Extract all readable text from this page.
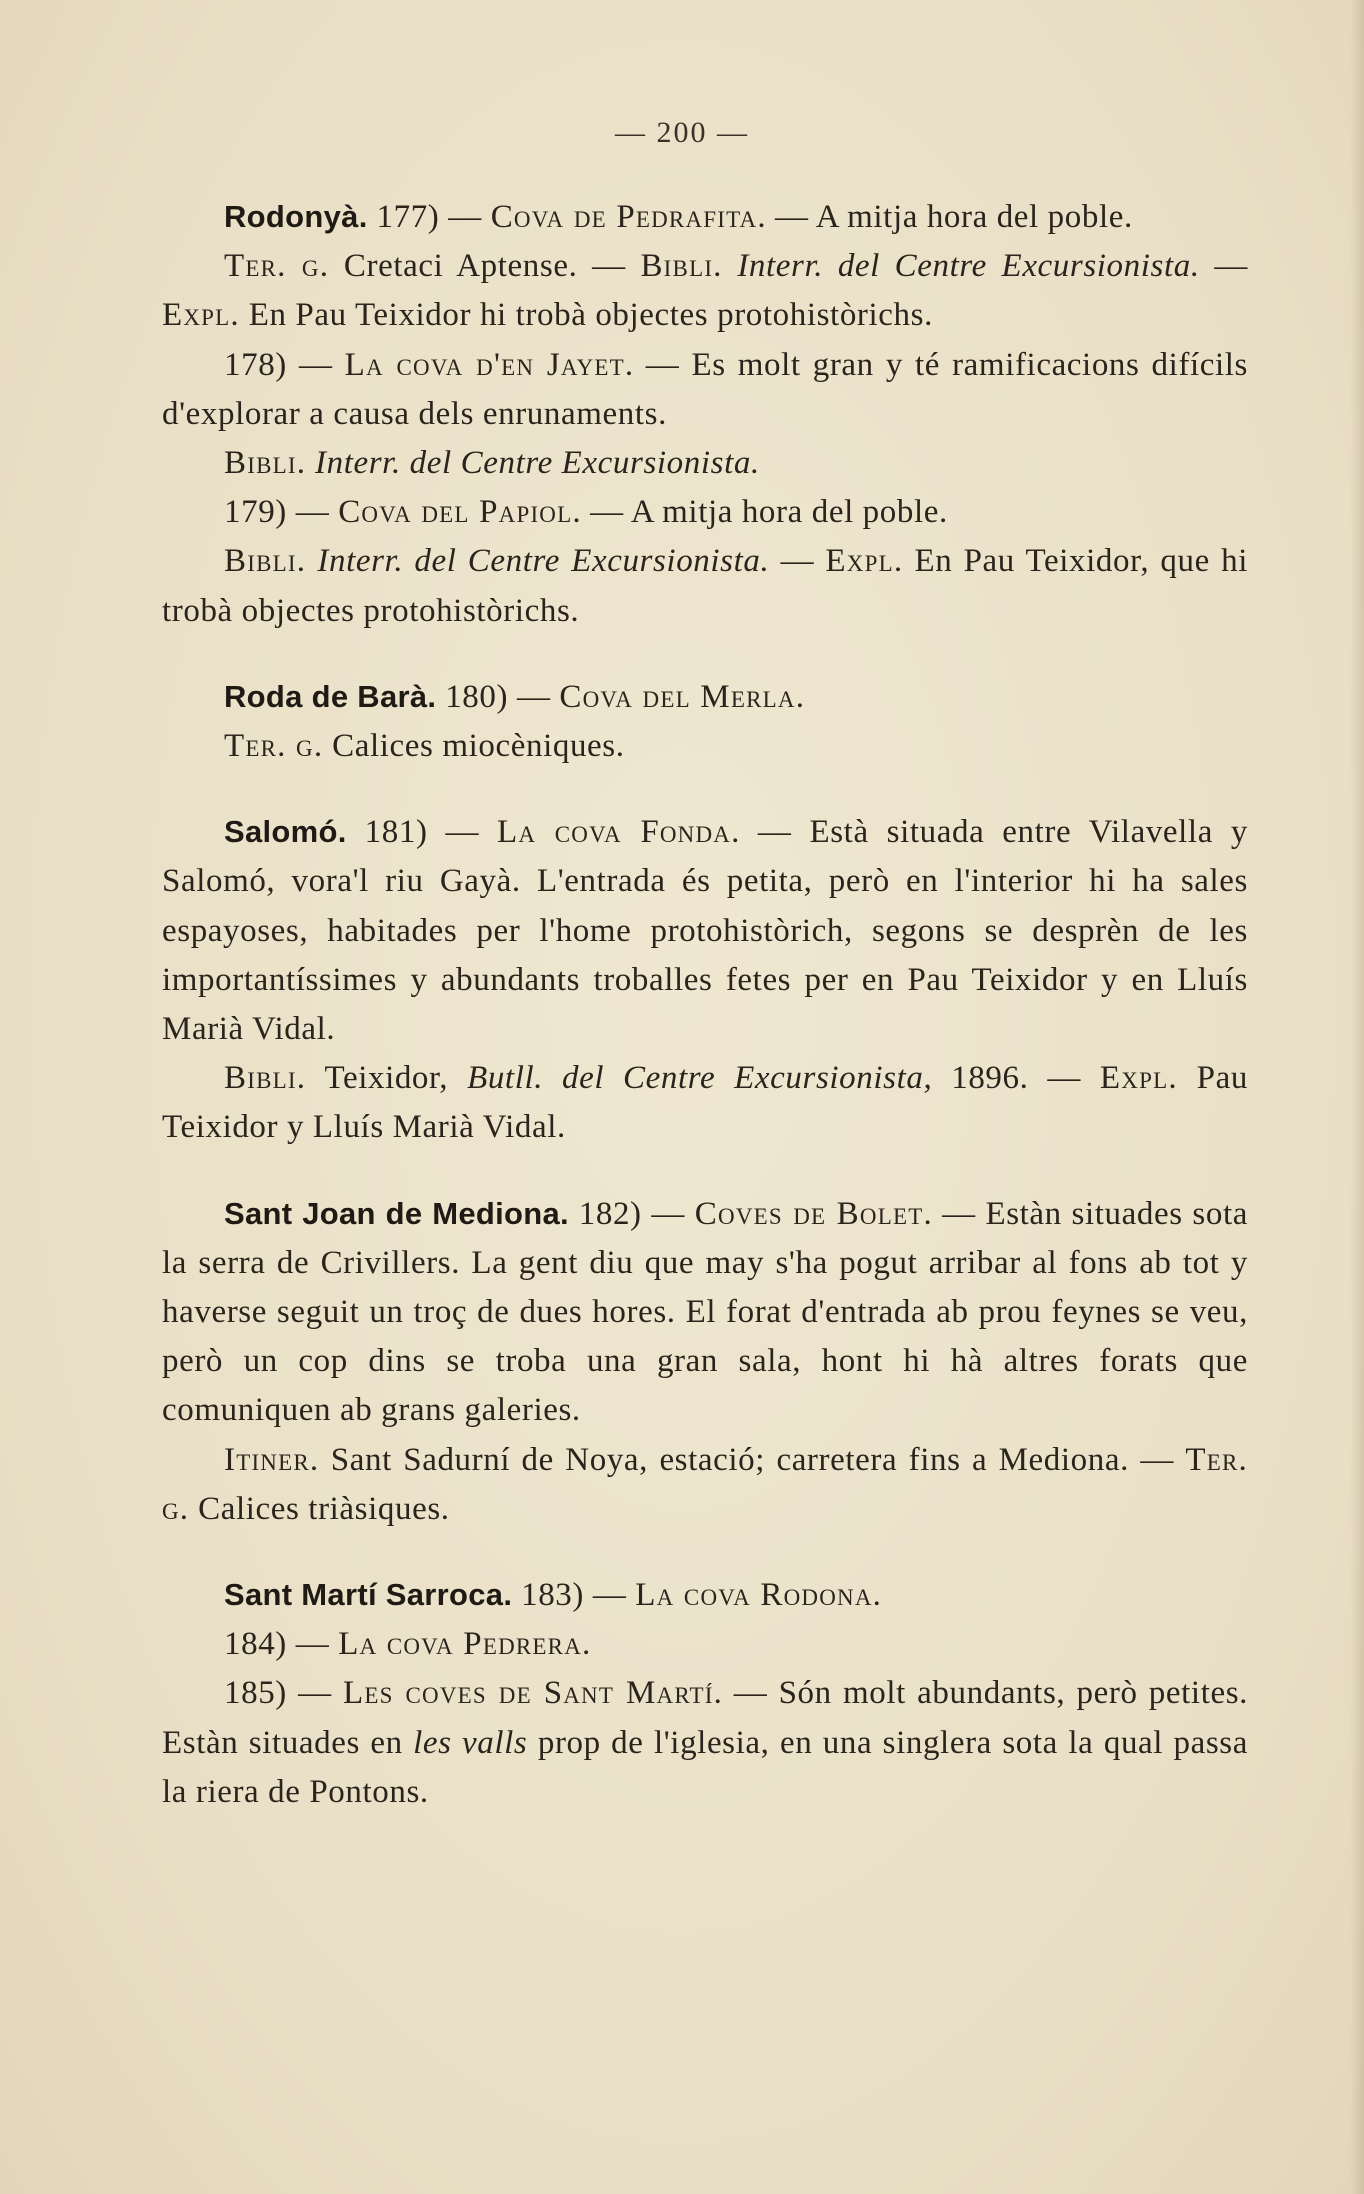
— 200 —

Rodonyà. 177) — Cova de Pedrafita. — A mitja hora del poble.

Ter. g. Cretaci Aptense. — Bibli. Interr. del Centre Excursionista. — Expl. En Pau Teixidor hi trobà objectes protohistòrichs.

178) — La cova d'en Jayet. — Es molt gran y té ramificacions difícils d'explorar a causa dels enrunaments.

Bibli. Interr. del Centre Excursionista.

179) — Cova del Papiol. — A mitja hora del poble.

Bibli. Interr. del Centre Excursionista. — Expl. En Pau Teixidor, que hi trobà objectes protohistòrichs.

Roda de Barà. 180) — Cova del Merla.

Ter. g. Calices miocèniques.

Salomó. 181) — La cova Fonda. — Està situada entre Vilavella y Salomó, vora'l riu Gayà. L'entrada és petita, però en l'interior hi ha sales espayoses, habitades per l'home protohistòrich, segons se desprèn de les importantíssimes y abundants troballes fetes per en Pau Teixidor y en Lluís Marià Vidal.

Bibli. Teixidor, Butll. del Centre Excursionista, 1896. — Expl. Pau Teixidor y Lluís Marià Vidal.

Sant Joan de Mediona. 182) — Coves de Bolet. — Estàn situades sota la serra de Crivillers. La gent diu que may s'ha pogut arribar al fons ab tot y haverse seguit un troç de dues hores. El forat d'entrada ab prou feynes se veu, però un cop dins se troba una gran sala, hont hi hà altres forats que comuniquen ab grans galeries.

Itiner. Sant Sadurní de Noya, estació; carretera fins a Mediona. — Ter. g. Calices triàsiques.

Sant Martí Sarroca. 183) — La cova Rodona.

184) — La cova Pedrera.

185) — Les coves de Sant Martí. — Són molt abundants, però petites. Estàn situades en les valls prop de l'iglesia, en una singlera sota la qual passa la riera de Pontons.
